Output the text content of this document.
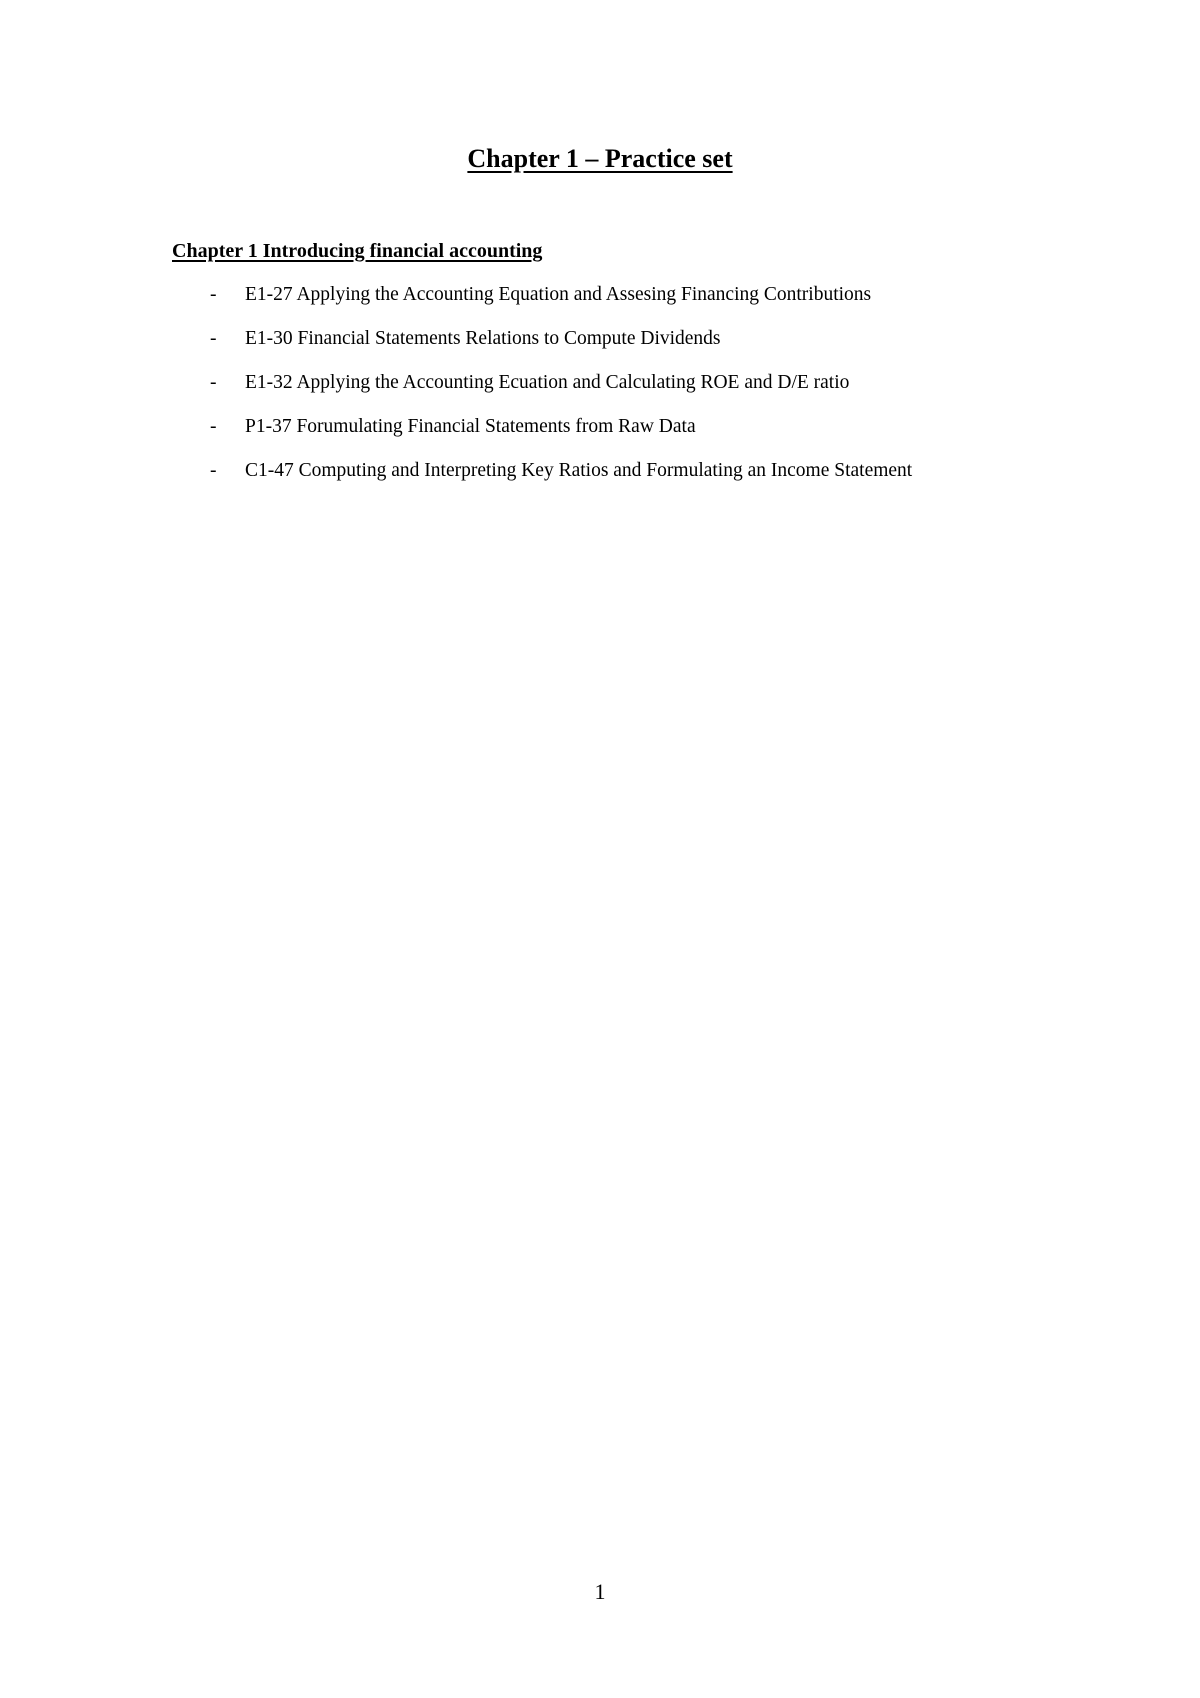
Chapter 1 – Practice set
Chapter 1 Introducing financial accounting
- E1-27 Applying the Accounting Equation and Assesing Financing Contributions
- E1-30 Financial Statements Relations to Compute Dividends
- E1-32 Applying the Accounting Ecuation and Calculating ROE and D/E ratio
- P1-37 Forumulating Financial Statements from Raw Data
- C1-47 Computing and Interpreting Key Ratios and Formulating an Income Statement

1
